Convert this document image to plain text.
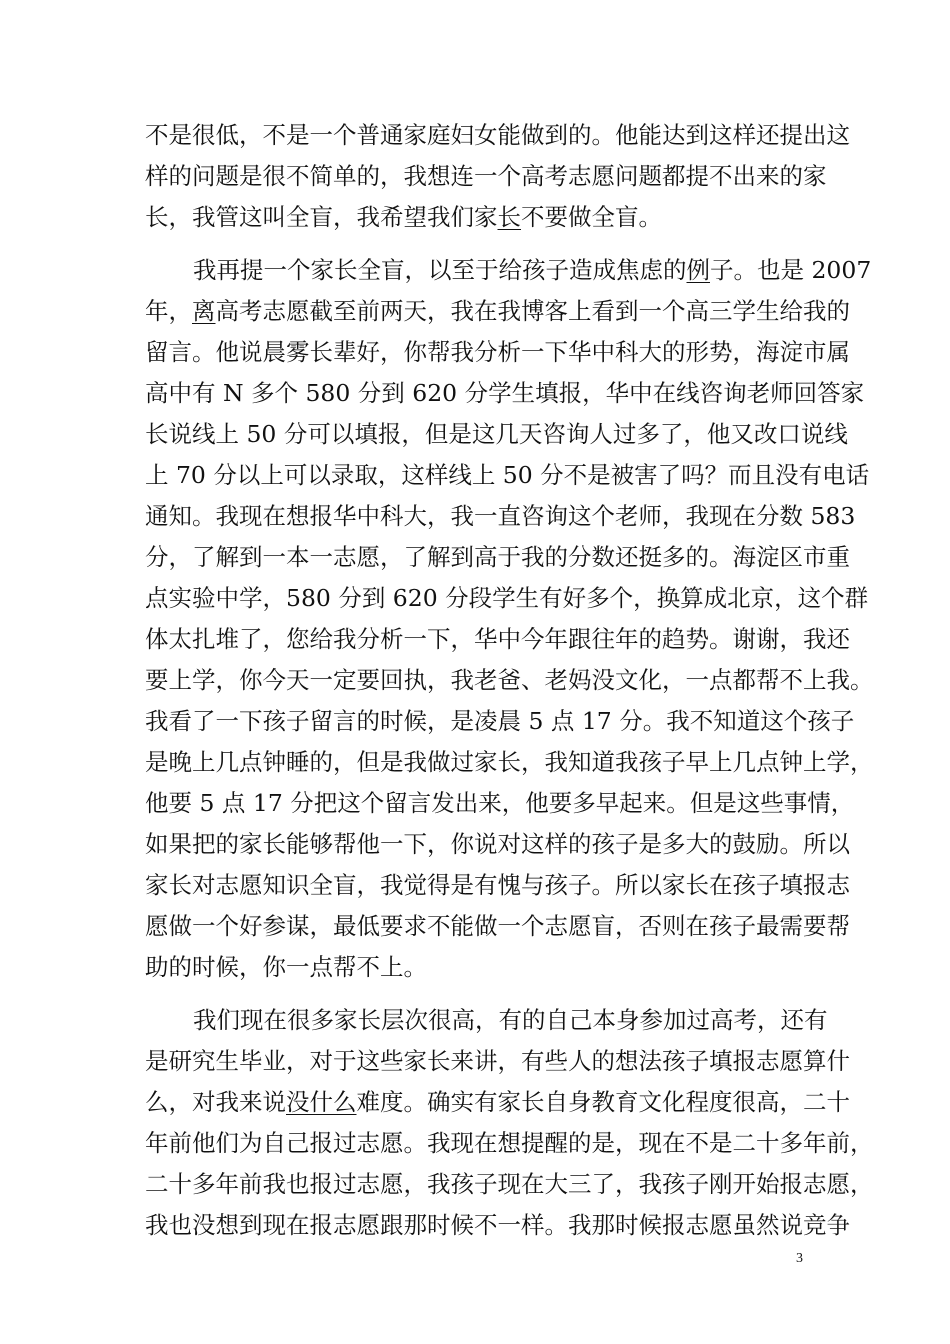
不是很低，不是一个普通家庭妇女能做到的。他能达到这样还提出这
样的问题是很不简单的，我想连一个高考志愿问题都提不出来的家
长，我管这叫全盲，我希望我们家长不要做全盲。
我再提一个家长全盲，以至于给孩子造成焦虑的例子。也是 2007
年，离高考志愿截至前两天，我在我博客上看到一个高三学生给我的
留言。他说晨雾长辈好，你帮我分析一下华中科大的形势，海淀市属
高中有 N 多个 580 分到 620 分学生填报，华中在线咨询老师回答家
长说线上 50 分可以填报，但是这几天咨询人过多了，他又改口说线
上 70 分以上可以录取，这样线上 50 分不是被害了吗？而且没有电话
通知。我现在想报华中科大，我一直咨询这个老师，我现在分数 583
分，了解到一本一志愿，了解到高于我的分数还挺多的。海淀区市重
点实验中学，580 分到 620 分段学生有好多个，换算成北京，这个群
体太扎堆了，您给我分析一下，华中今年跟往年的趋势。谢谢，我还
要上学，你今天一定要回执，我老爸、老妈没文化，一点都帮不上我。
我看了一下孩子留言的时候，是凌晨 5 点 17 分。我不知道这个孩子
是晚上几点钟睡的，但是我做过家长，我知道我孩子早上几点钟上学，
他要 5 点 17 分把这个留言发出来，他要多早起来。但是这些事情，
如果把的家长能够帮他一下，你说对这样的孩子是多大的鼓励。所以
家长对志愿知识全盲，我觉得是有愧与孩子。所以家长在孩子填报志
愿做一个好参谋，最低要求不能做一个志愿盲，否则在孩子最需要帮
助的时候，你一点帮不上。
我们现在很多家长层次很高，有的自己本身参加过高考，还有
是研究生毕业，对于这些家长来讲，有些人的想法孩子填报志愿算什
么，对我来说没什么难度。确实有家长自身教育文化程度很高，二十
年前他们为自己报过志愿。我现在想提醒的是，现在不是二十多年前，
二十多年前我也报过志愿，我孩子现在大三了，我孩子刚开始报志愿，
我也没想到现在报志愿跟那时候不一样。我那时候报志愿虽然说竞争
3
